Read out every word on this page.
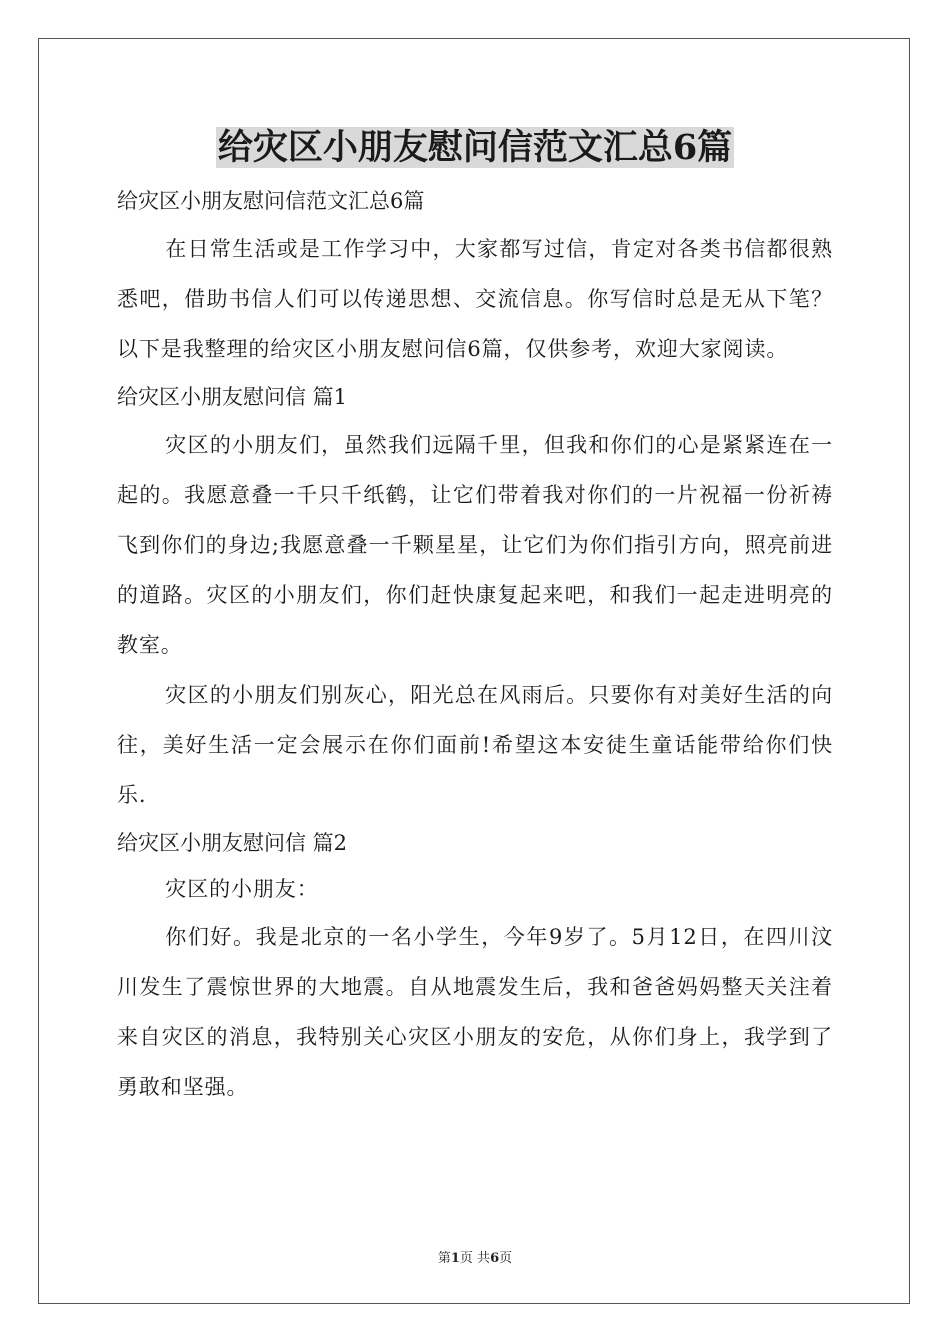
给灾区小朋友慰问信范文汇总6篇

给灾区小朋友慰问信范文汇总6篇

在日常生活或是工作学习中，大家都写过信，肯定对各类书信都很熟悉吧，借助书信人们可以传递思想、交流信息。你写信时总是无从下笔？以下是我整理的给灾区小朋友慰问信6篇，仅供参考，欢迎大家阅读。

给灾区小朋友慰问信 篇1

灾区的小朋友们，虽然我们远隔千里，但我和你们的心是紧紧连在一起的。我愿意叠一千只千纸鹤，让它们带着我对你们的一片祝福一份祈祷飞到你们的身边;我愿意叠一千颗星星，让它们为你们指引方向，照亮前进的道路。灾区的小朋友们，你们赶快康复起来吧，和我们一起走进明亮的教室。

灾区的小朋友们别灰心，阳光总在风雨后。只要你有对美好生活的向往，美好生活一定会展示在你们面前!希望这本安徒生童话能带给你们快乐.

给灾区小朋友慰问信 篇2

灾区的小朋友：

你们好。我是北京的一名小学生，今年9岁了。5月12日，在四川汶川发生了震惊世界的大地震。自从地震发生后，我和爸爸妈妈整天关注着来自灾区的消息，我特别关心灾区小朋友的安危，从你们身上，我学到了勇敢和坚强。

第1页 共6页
